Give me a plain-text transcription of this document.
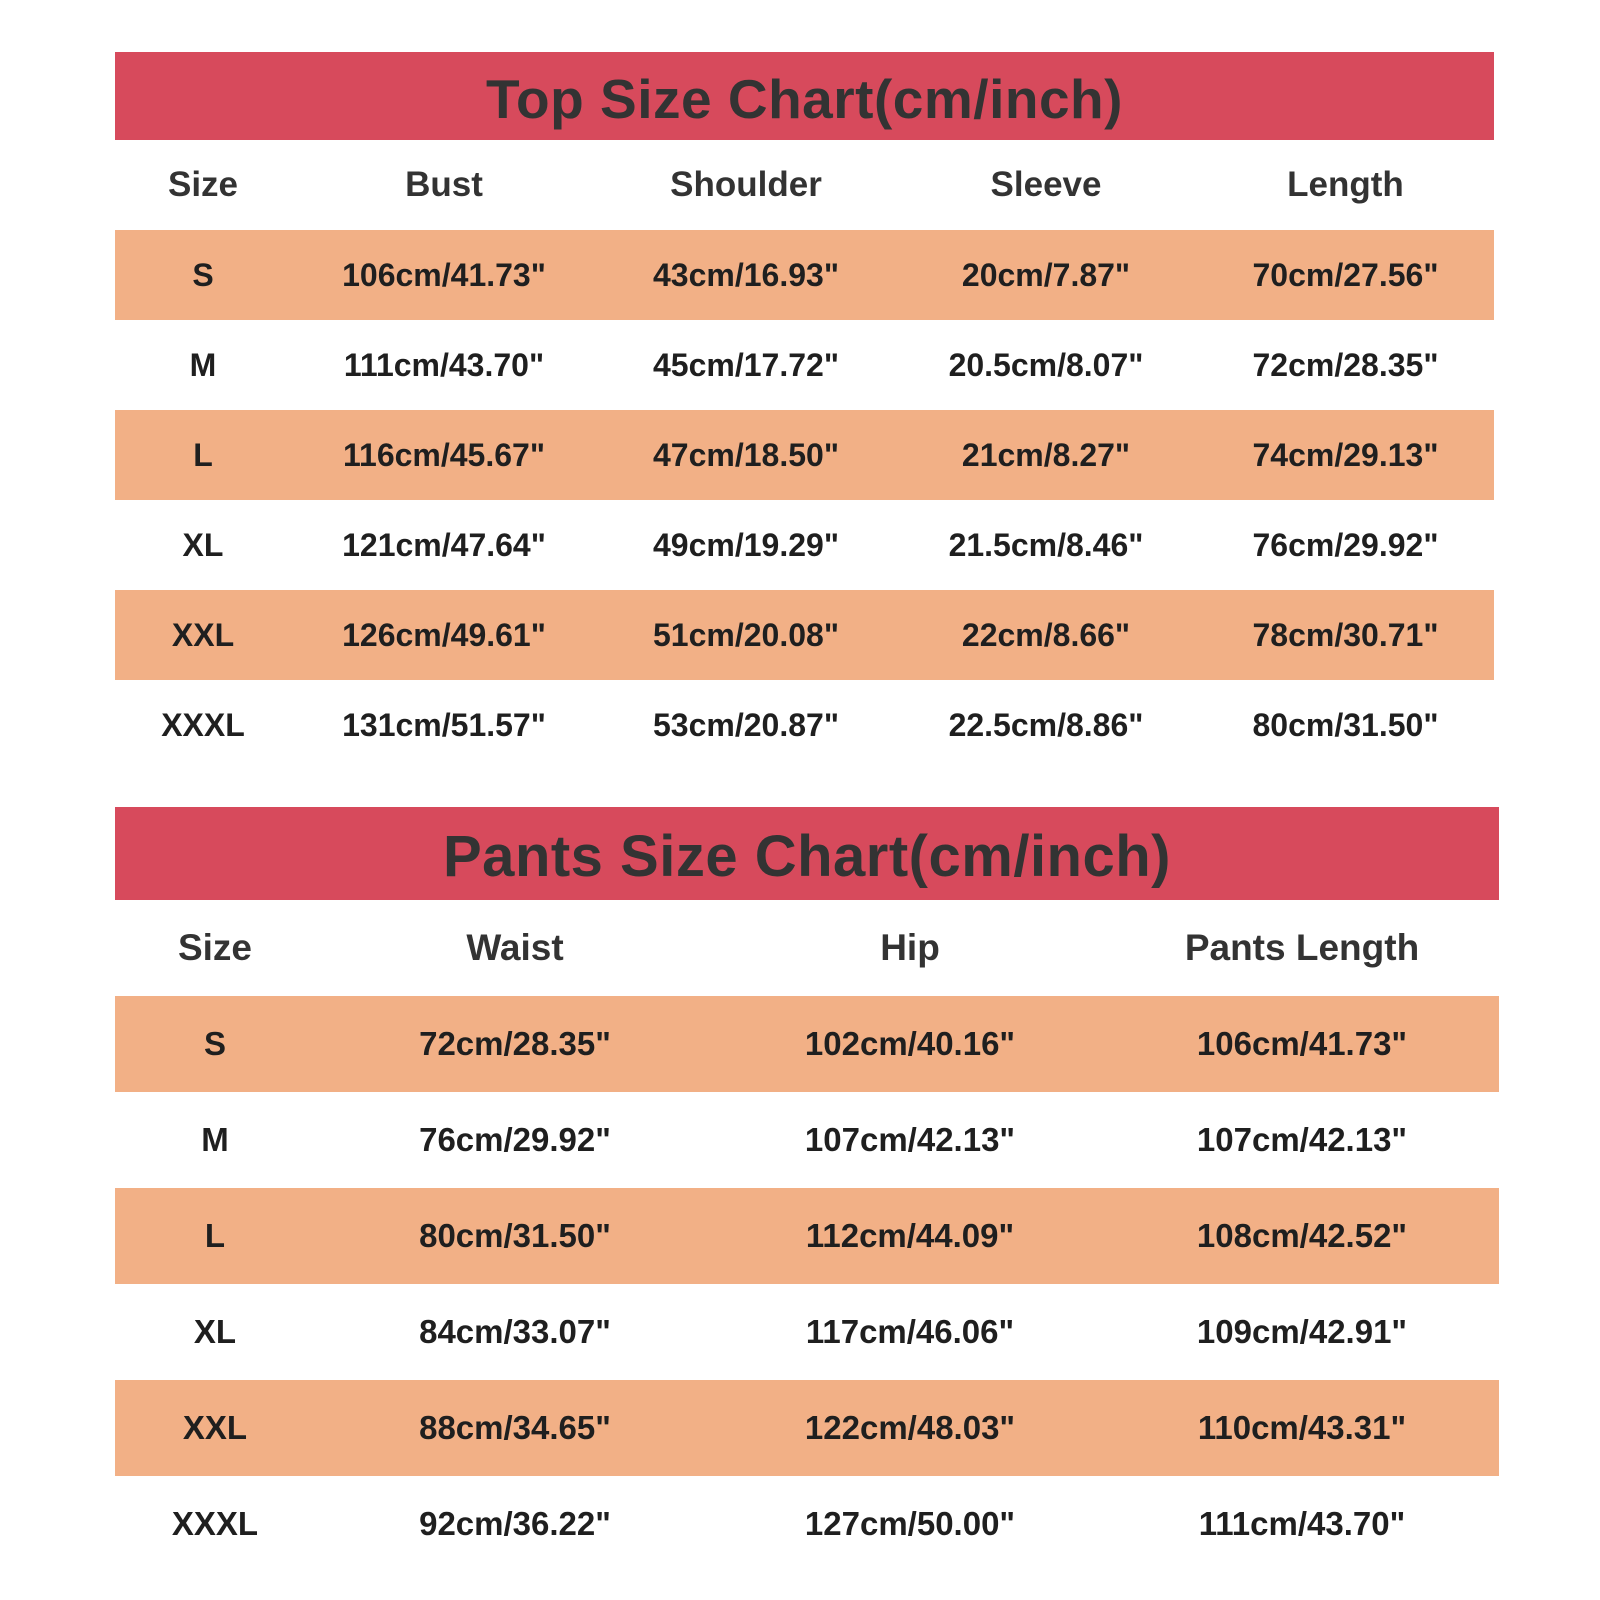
Top Size Chart(cm/inch)
Size	Bust	Shoulder	Sleeve	Length
S	106cm/41.73"	43cm/16.93"	20cm/7.87"	70cm/27.56"
M	111cm/43.70"	45cm/17.72"	20.5cm/8.07"	72cm/28.35"
L	116cm/45.67"	47cm/18.50"	21cm/8.27"	74cm/29.13"
XL	121cm/47.64"	49cm/19.29"	21.5cm/8.46"	76cm/29.92"
XXL	126cm/49.61"	51cm/20.08"	22cm/8.66"	78cm/30.71"
XXXL	131cm/51.57"	53cm/20.87"	22.5cm/8.86"	80cm/31.50"
Pants Size Chart(cm/inch)
Size	Waist	Hip	Pants Length
S	72cm/28.35"	102cm/40.16"	106cm/41.73"
M	76cm/29.92"	107cm/42.13"	107cm/42.13"
L	80cm/31.50"	112cm/44.09"	108cm/42.52"
XL	84cm/33.07"	117cm/46.06"	109cm/42.91"
XXL	88cm/34.65"	122cm/48.03"	110cm/43.31"
XXXL	92cm/36.22"	127cm/50.00"	111cm/43.70"
